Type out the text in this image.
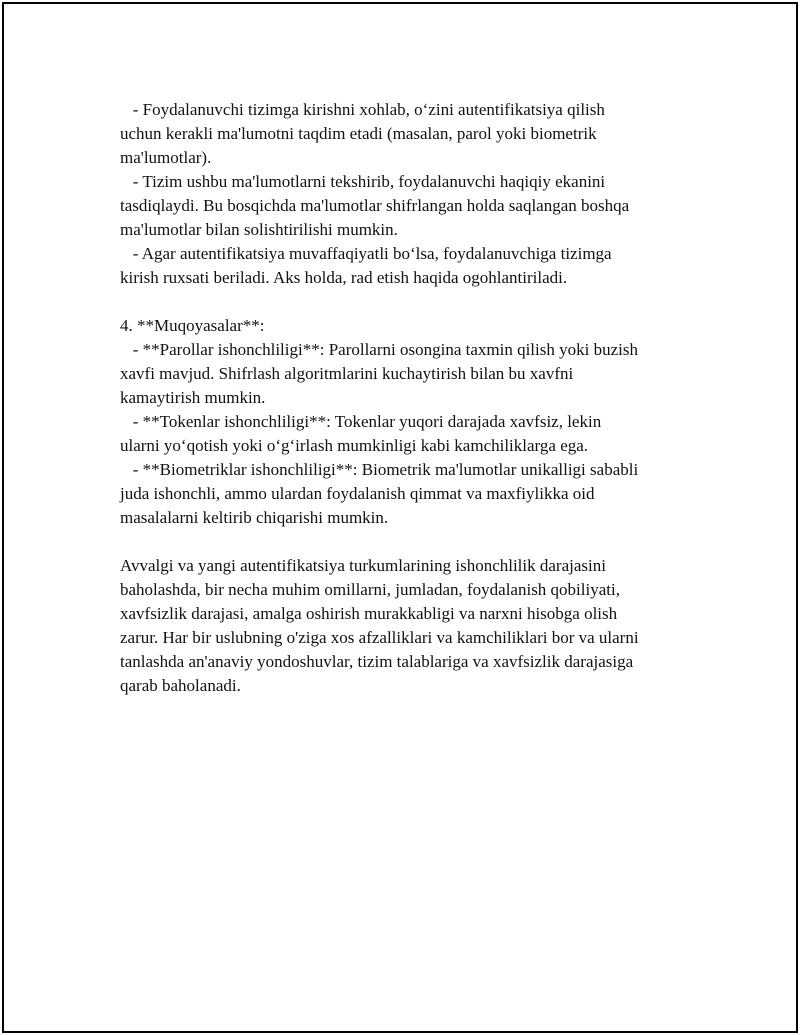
- Foydalanuvchi tizimga kirishni xohlab, o‘zini autentifikatsiya qilish
uchun kerakli ma'lumotni taqdim etadi (masalan, parol yoki biometrik
ma'lumotlar).
- Tizim ushbu ma'lumotlarni tekshirib, foydalanuvchi haqiqiy ekanini
tasdiqlaydi. Bu bosqichda ma'lumotlar shifrlangan holda saqlangan boshqa
ma'lumotlar bilan solishtirilishi mumkin.
- Agar autentifikatsiya muvaffaqiyatli bo‘lsa, foydalanuvchiga tizimga
kirish ruxsati beriladi. Aks holda, rad etish haqida ogohlantiriladi.
4. **Muqoyasalar**:
- **Parollar ishonchliligi**: Parollarni osongina taxmin qilish yoki buzish
xavfi mavjud. Shifrlash algoritmlarini kuchaytirish bilan bu xavfni
kamaytirish mumkin.
- **Tokenlar ishonchliligi**: Tokenlar yuqori darajada xavfsiz, lekin
ularni yo‘qotish yoki o‘g‘irlash mumkinligi kabi kamchiliklarga ega.
- **Biometriklar ishonchliligi**: Biometrik ma'lumotlar unikalligi sababli
juda ishonchli, ammo ulardan foydalanish qimmat va maxfiylikka oid
masalalarni keltirib chiqarishi mumkin.
Avvalgi va yangi autentifikatsiya turkumlarining ishonchlilik darajasini
baholashda, bir necha muhim omillarni, jumladan, foydalanish qobiliyati,
xavfsizlik darajasi, amalga oshirish murakkabligi va narxni hisobga olish
zarur. Har bir uslubning o'ziga xos afzalliklari va kamchiliklari bor va ularni
tanlashda an'anaviy yondoshuvlar, tizim talablariga va xavfsizlik darajasiga
qarab baholanadi.
